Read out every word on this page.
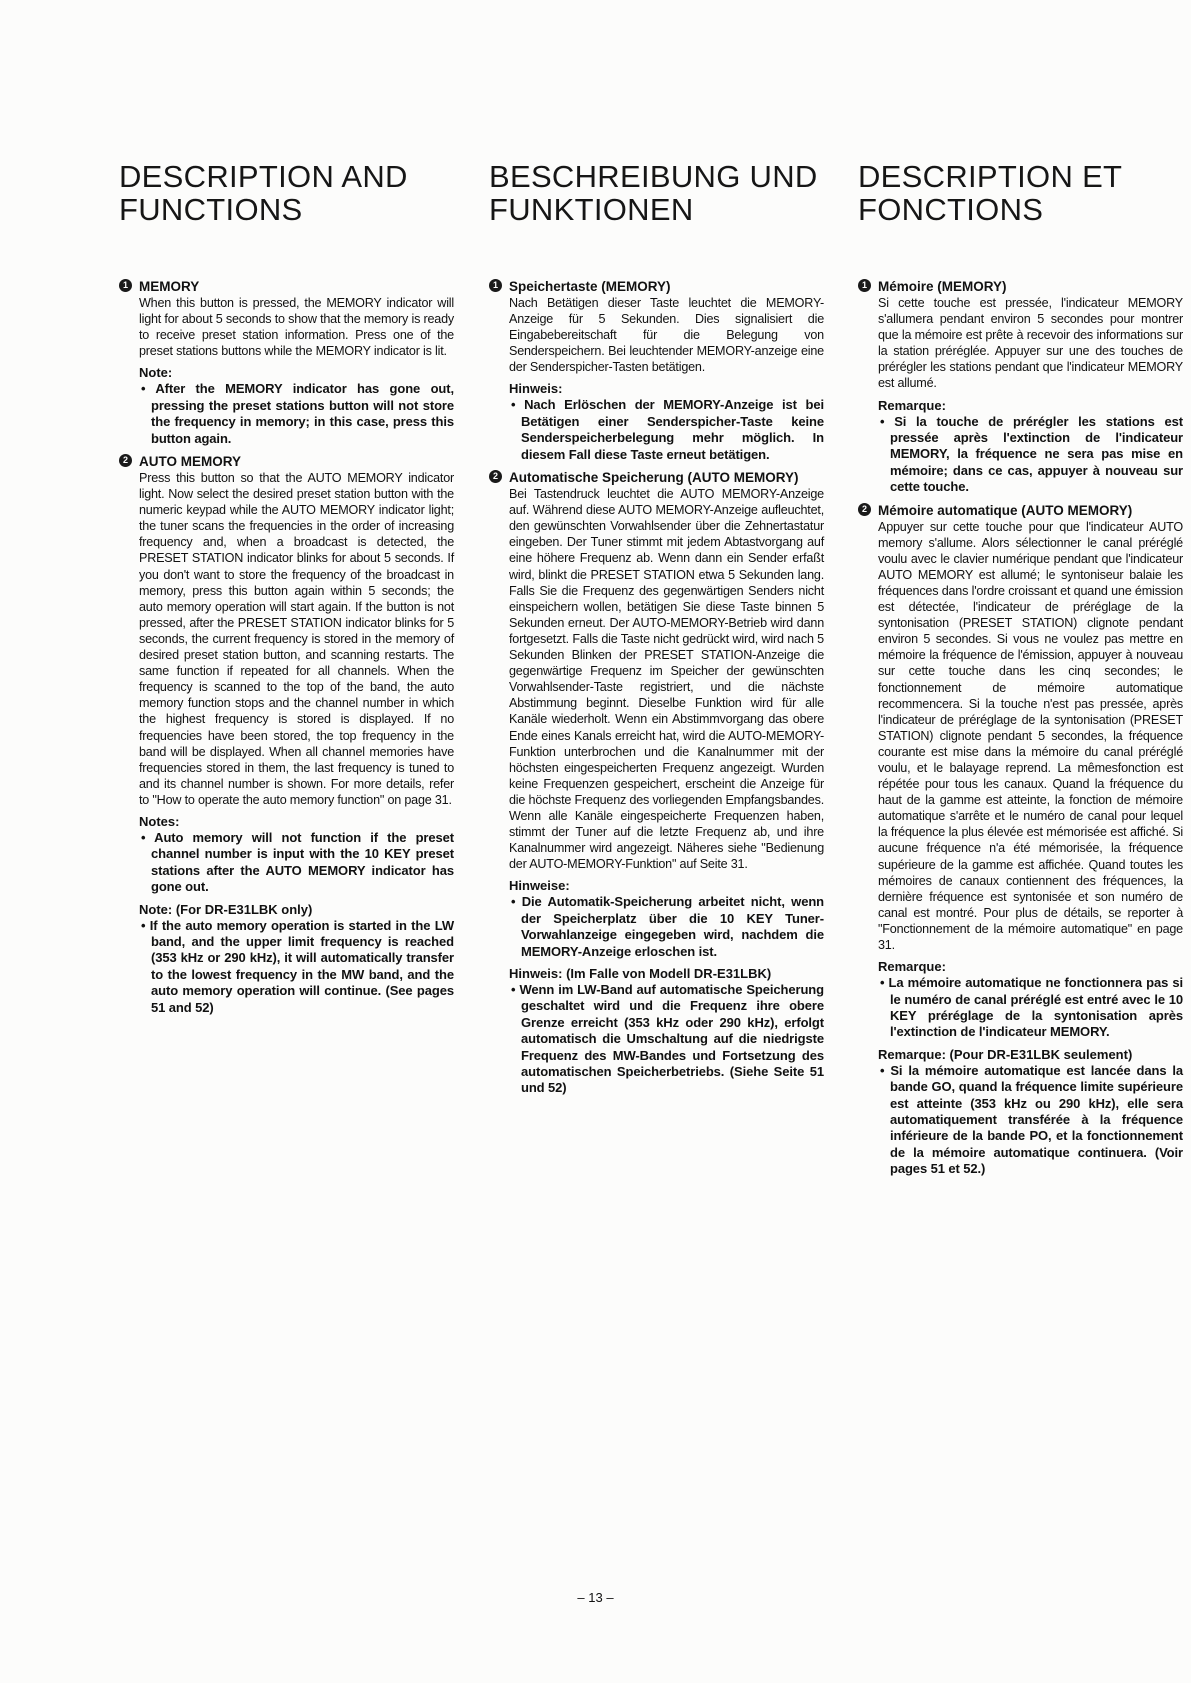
DESCRIPTION AND FUNCTIONS
1 MEMORY
When this button is pressed, the MEMORY indicator will light for about 5 seconds to show that the memory is ready to receive preset station information. Press one of the preset stations buttons while the MEMORY indicator is lit.
Note:
• After the MEMORY indicator has gone out, pressing the preset stations button will not store the frequency in memory; in this case, press this button again.
2 AUTO MEMORY
Press this button so that the AUTO MEMORY indicator light. Now select the desired preset station button with the numeric keypad while the AUTO MEMORY indicator light; the tuner scans the frequencies in the order of increasing frequency and, when a broadcast is detected, the PRESET STATION indicator blinks for about 5 seconds. If you don't want to store the frequency of the broadcast in memory, press this button again within 5 seconds; the auto memory operation will start again. If the button is not pressed, after the PRESET STATION indicator blinks for 5 seconds, the current frequency is stored in the memory of desired preset station button, and scanning restarts. The same function if repeated for all channels. When the frequency is scanned to the top of the band, the auto memory function stops and the channel number in which the highest frequency is stored is displayed. If no frequencies have been stored, the top frequency in the band will be displayed. When all channel memories have frequencies stored in them, the last frequency is tuned to and its channel number is shown. For more details, refer to "How to operate the auto memory function" on page 31.
Notes:
• Auto memory will not function if the preset channel number is input with the 10 KEY preset stations after the AUTO MEMORY indicator has gone out.
Note: (For DR-E31LBK only)
• If the auto memory operation is started in the LW band, and the upper limit frequency is reached (353 kHz or 290 kHz), it will automatically transfer to the lowest frequency in the MW band, and the auto memory operation will continue. (See pages 51 and 52)
BESCHREIBUNG UND FUNKTIONEN
1 Speichertaste (MEMORY)
Nach Betätigen dieser Taste leuchtet die MEMORY-Anzeige für 5 Sekunden. Dies signalisiert die Eingabebereitschaft für die Belegung von Senderspeichern. Bei leuchtender MEMORY-anzeige eine der Senderspicher-Tasten betätigen.
Hinweis:
• Nach Erlöschen der MEMORY-Anzeige ist bei Betätigen einer Senderspicher-Taste keine Senderspeicherbelegung mehr möglich. In diesem Fall diese Taste erneut betätigen.
2 Automatische Speicherung (AUTO MEMORY)
Bei Tastendruck leuchtet die AUTO MEMORY-Anzeige auf. Während diese AUTO MEMORY-Anzeige aufleuchtet, den gewünschten Vorwahlsender über die Zehnertastatur eingeben. Der Tuner stimmt mit jedem Abtastvorgang auf eine höhere Frequenz ab. Wenn dann ein Sender erfaßt wird, blinkt die PRESET STATION etwa 5 Sekunden lang. Falls Sie die Frequenz des gegenwärtigen Senders nicht einspeichern wollen, betätigen Sie diese Taste binnen 5 Sekunden erneut. Der AUTO-MEMORY-Betrieb wird dann fortgesetzt. Falls die Taste nicht gedrückt wird, wird nach 5 Sekunden Blinken der PRESET STATION-Anzeige die gegenwärtige Frequenz im Speicher der gewünschten Vorwahlsender-Taste registriert, und die nächste Abstimmung beginnt. Dieselbe Funktion wird für alle Kanäle wiederholt. Wenn ein Abstimmvorgang das obere Ende eines Kanals erreicht hat, wird die AUTO-MEMORY-Funktion unterbrochen und die Kanalnummer mit der höchsten eingespeicherten Frequenz angezeigt. Wurden keine Frequenzen gespeichert, erscheint die Anzeige für die höchste Frequenz des vorliegenden Empfangsbandes. Wenn alle Kanäle eingespeicherte Frequenzen haben, stimmt der Tuner auf die letzte Frequenz ab, und ihre Kanalnummer wird angezeigt. Näheres siehe "Bedienung der AUTO-MEMORY-Funktion" auf Seite 31.
Hinweise:
• Die Automatik-Speicherung arbeitet nicht, wenn der Speicherplatz über die 10 KEY Tuner-Vorwahlanzeige eingegeben wird, nachdem die MEMORY-Anzeige erloschen ist.
Hinweis: (Im Falle von Modell DR-E31LBK)
• Wenn im LW-Band auf automatische Speicherung geschaltet wird und die Frequenz ihre obere Grenze erreicht (353 kHz oder 290 kHz), erfolgt automatisch die Umschaltung auf die niedrigste Frequenz des MW-Bandes und Fortsetzung des automatischen Speicherbetriebs. (Siehe Seite 51 und 52)
DESCRIPTION ET FONCTIONS
1 Mémoire (MEMORY)
Si cette touche est pressée, l'indicateur MEMORY s'allumera pendant environ 5 secondes pour montrer que la mémoire est prête à recevoir des informations sur la station préréglée. Appuyer sur une des touches de prérégler les stations pendant que l'indicateur MEMORY est allumé.
Remarque:
• Si la touche de prérégler les stations est pressée après l'extinction de l'indicateur MEMORY, la fréquence ne sera pas mise en mémoire; dans ce cas, appuyer à nouveau sur cette touche.
2 Mémoire automatique (AUTO MEMORY)
Appuyer sur cette touche pour que l'indicateur AUTO memory s'allume. Alors sélectionner le canal préréglé voulu avec le clavier numérique pendant que l'indicateur AUTO MEMORY est allumé; le syntoniseur balaie les fréquences dans l'ordre croissant et quand une émission est détectée, l'indicateur de préréglage de la syntonisation (PRESET STATION) clignote pendant environ 5 secondes. Si vous ne voulez pas mettre en mémoire la fréquence de l'émission, appuyer à nouveau sur cette touche dans les cinq secondes; le fonctionnement de mémoire automatique recommencera. Si la touche n'est pas pressée, après l'indicateur de préréglage de la syntonisation (PRESET STATION) clignote pendant 5 secondes, la fréquence courante est mise dans la mémoire du canal préréglé voulu, et le balayage reprend. La mêmesfonction est répétée pour tous les canaux. Quand la fréquence du haut de la gamme est atteinte, la fonction de mémoire automatique s'arrête et le numéro de canal pour lequel la fréquence la plus élevée est mémorisée est affiché. Si aucune fréquence n'a été mémorisée, la fréquence supérieure de la gamme est affichée. Quand toutes les mémoires de canaux contiennent des fréquences, la dernière fréquence est syntonisée et son numéro de canal est montré. Pour plus de détails, se reporter à "Fonctionnement de la mémoire automatique" en page 31.
Remarque:
• La mémoire automatique ne fonctionnera pas si le numéro de canal préréglé est entré avec le 10 KEY préréglage de la syntonisation après l'extinction de l'indicateur MEMORY.
Remarque: (Pour DR-E31LBK seulement)
• Si la mémoire automatique est lancée dans la bande GO, quand la fréquence limite supérieure est atteinte (353 kHz ou 290 kHz), elle sera automatiquement transférée à la fréquence inférieure de la bande PO, et la fonctionnement de la mémoire automatique continuera. (Voir pages 51 et 52.)
– 13 –
